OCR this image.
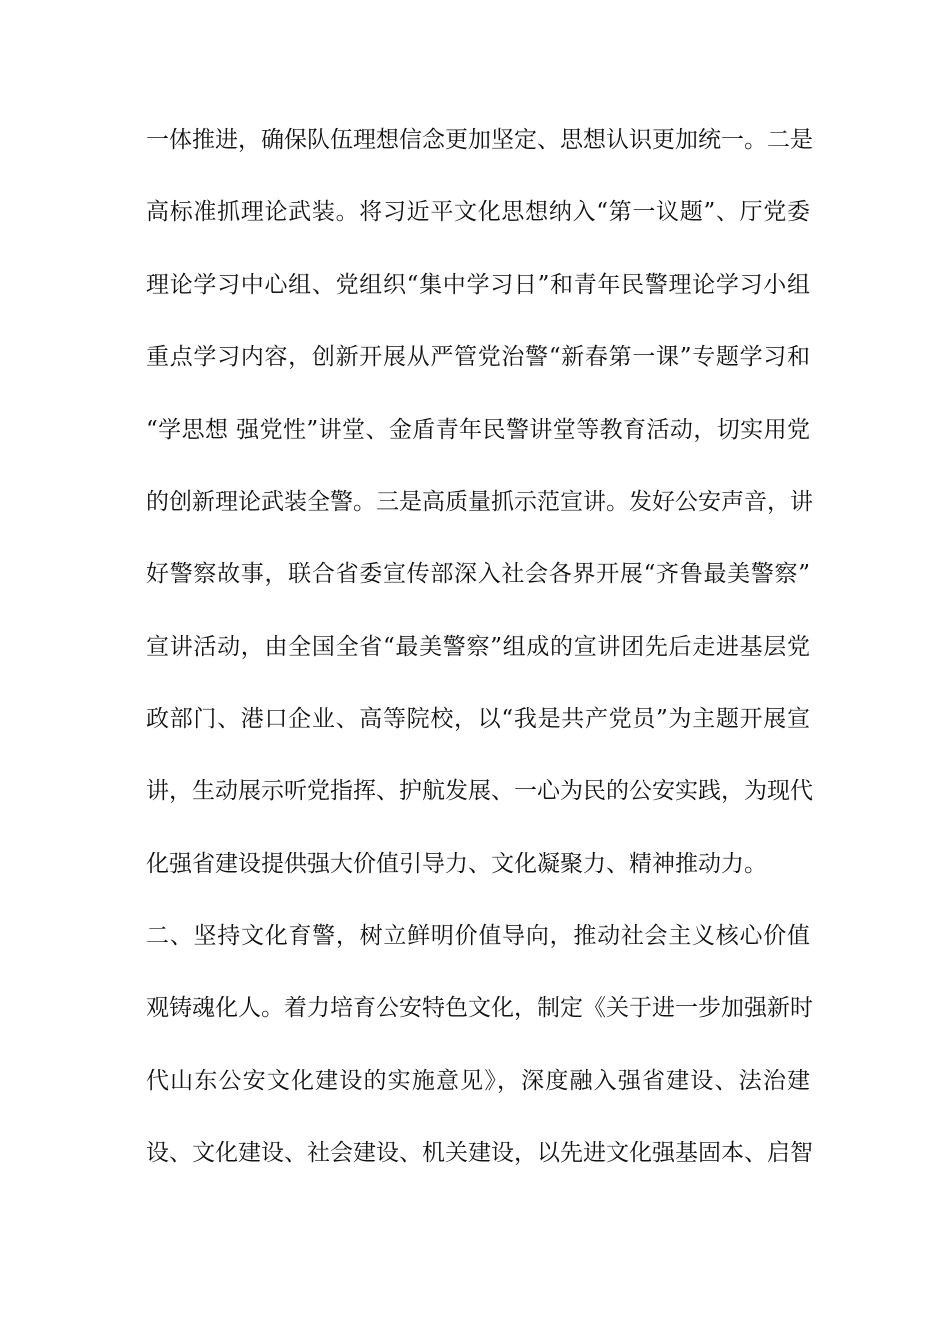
一体推进，确保队伍理想信念更加坚定、思想认识更加统一。二是
高标准抓理论武装。将习近平文化思想纳入“第一议题”、厅党委
理论学习中心组、党组织“集中学习日”和青年民警理论学习小组
重点学习内容，创新开展从严管党治警“新春第一课”专题学习和
“学思想 强党性”讲堂、金盾青年民警讲堂等教育活动，切实用党
的创新理论武装全警。三是高质量抓示范宣讲。发好公安声音，讲
好警察故事，联合省委宣传部深入社会各界开展“齐鲁最美警察”
宣讲活动，由全国全省“最美警察”组成的宣讲团先后走进基层党
政部门、港口企业、高等院校，以“我是共产党员”为主题开展宣
讲，生动展示听党指挥、护航发展、一心为民的公安实践，为现代
化强省建设提供强大价值引导力、文化凝聚力、精神推动力。
二、坚持文化育警，树立鲜明价值导向，推动社会主义核心价值
观铸魂化人。着力培育公安特色文化，制定《关于进一步加强新时
代山东公安文化建设的实施意见》，深度融入强省建设、法治建
设、文化建设、社会建设、机关建设，以先进文化强基固本、启智
